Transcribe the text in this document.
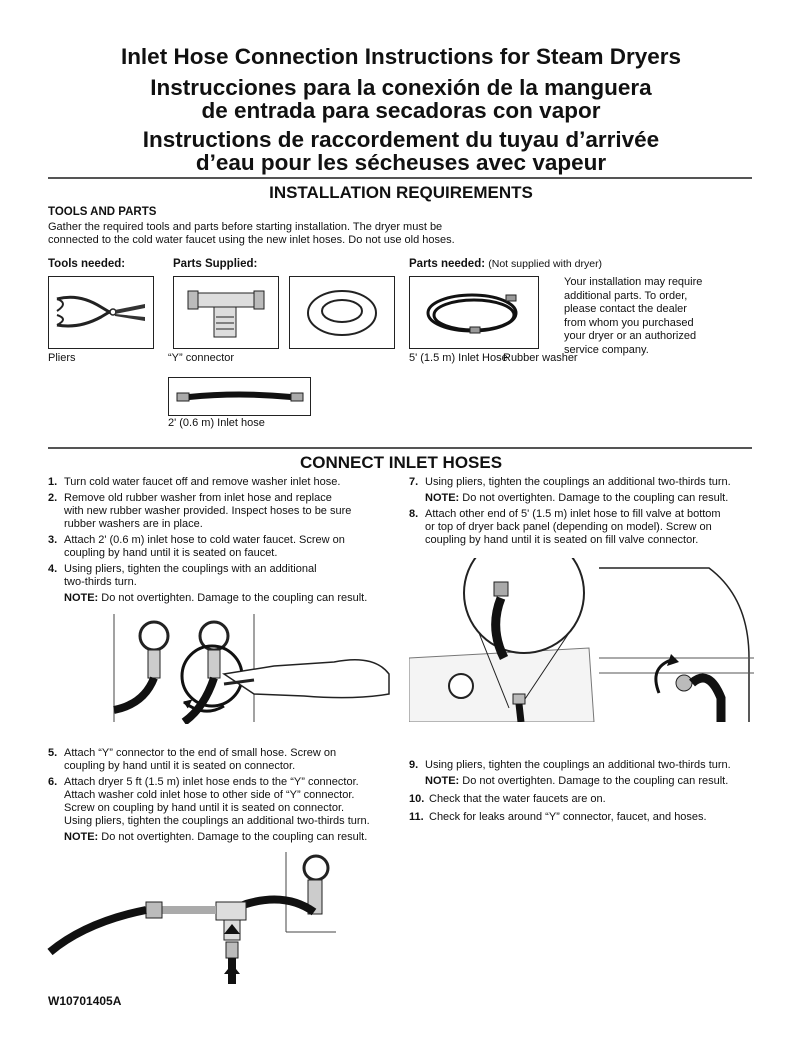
Inlet Hose Connection Instructions for Steam Dryers
Instrucciones para la conexión de la manguera
de entrada para secadoras con vapor
Instructions de raccordement du tuyau d’arrivée
d’eau pour les sécheuses avec vapeur
INSTALLATION REQUIREMENTS
TOOLS AND PARTS
Gather the required tools and parts before starting installation. The dryer must be
connected to the cold water faucet using the new inlet hoses. Do not use old hoses.
Tools needed:	Parts Supplied:	Parts needed: (Not supplied with dryer)
Your installation may require
additional parts. To order,
please contact the dealer
from whom you purchased
your dryer or an authorized
service company.
Pliers	“Y” connector	5' (1.5 m) Inlet Hose
Rubber washer
2' (0.6 m) Inlet hose
CONNECT INLET HOSES
1. Turn cold water faucet off and remove washer inlet hose.
2. Remove old rubber washer from inlet hose and replace
with new rubber washer provided. Inspect hoses to be sure
rubber washers are in place.
3. Attach 2' (0.6 m) inlet hose to cold water faucet. Screw on
coupling by hand until it is seated on faucet.
4. Using pliers, tighten the couplings with an additional
two-thirds turn.
NOTE: Do not overtighten. Damage to the coupling can result.
5. Attach “Y” connector to the end of small hose. Screw on
coupling by hand until it is seated on connector.
6. Attach dryer 5 ft (1.5 m) inlet hose ends to the “Y” connector.
Attach washer cold inlet hose to other side of “Y” connector.
Screw on coupling by hand until it is seated on connector.
Using pliers, tighten the couplings an additional two-thirds turn.
NOTE: Do not overtighten. Damage to the coupling can result.
7. Using pliers, tighten the couplings an additional two-thirds turn.
NOTE: Do not overtighten. Damage to the coupling can result.
8. Attach other end of 5' (1.5 m) inlet hose to fill valve at bottom
or top of dryer back panel (depending on model). Screw on
coupling by hand until it is seated on fill valve connector.
9. Using pliers, tighten the couplings an additional two-thirds turn.
NOTE: Do not overtighten. Damage to the coupling can result.
10. Check that the water faucets are on.
11. Check for leaks around “Y” connector, faucet, and hoses.
W10701405A
